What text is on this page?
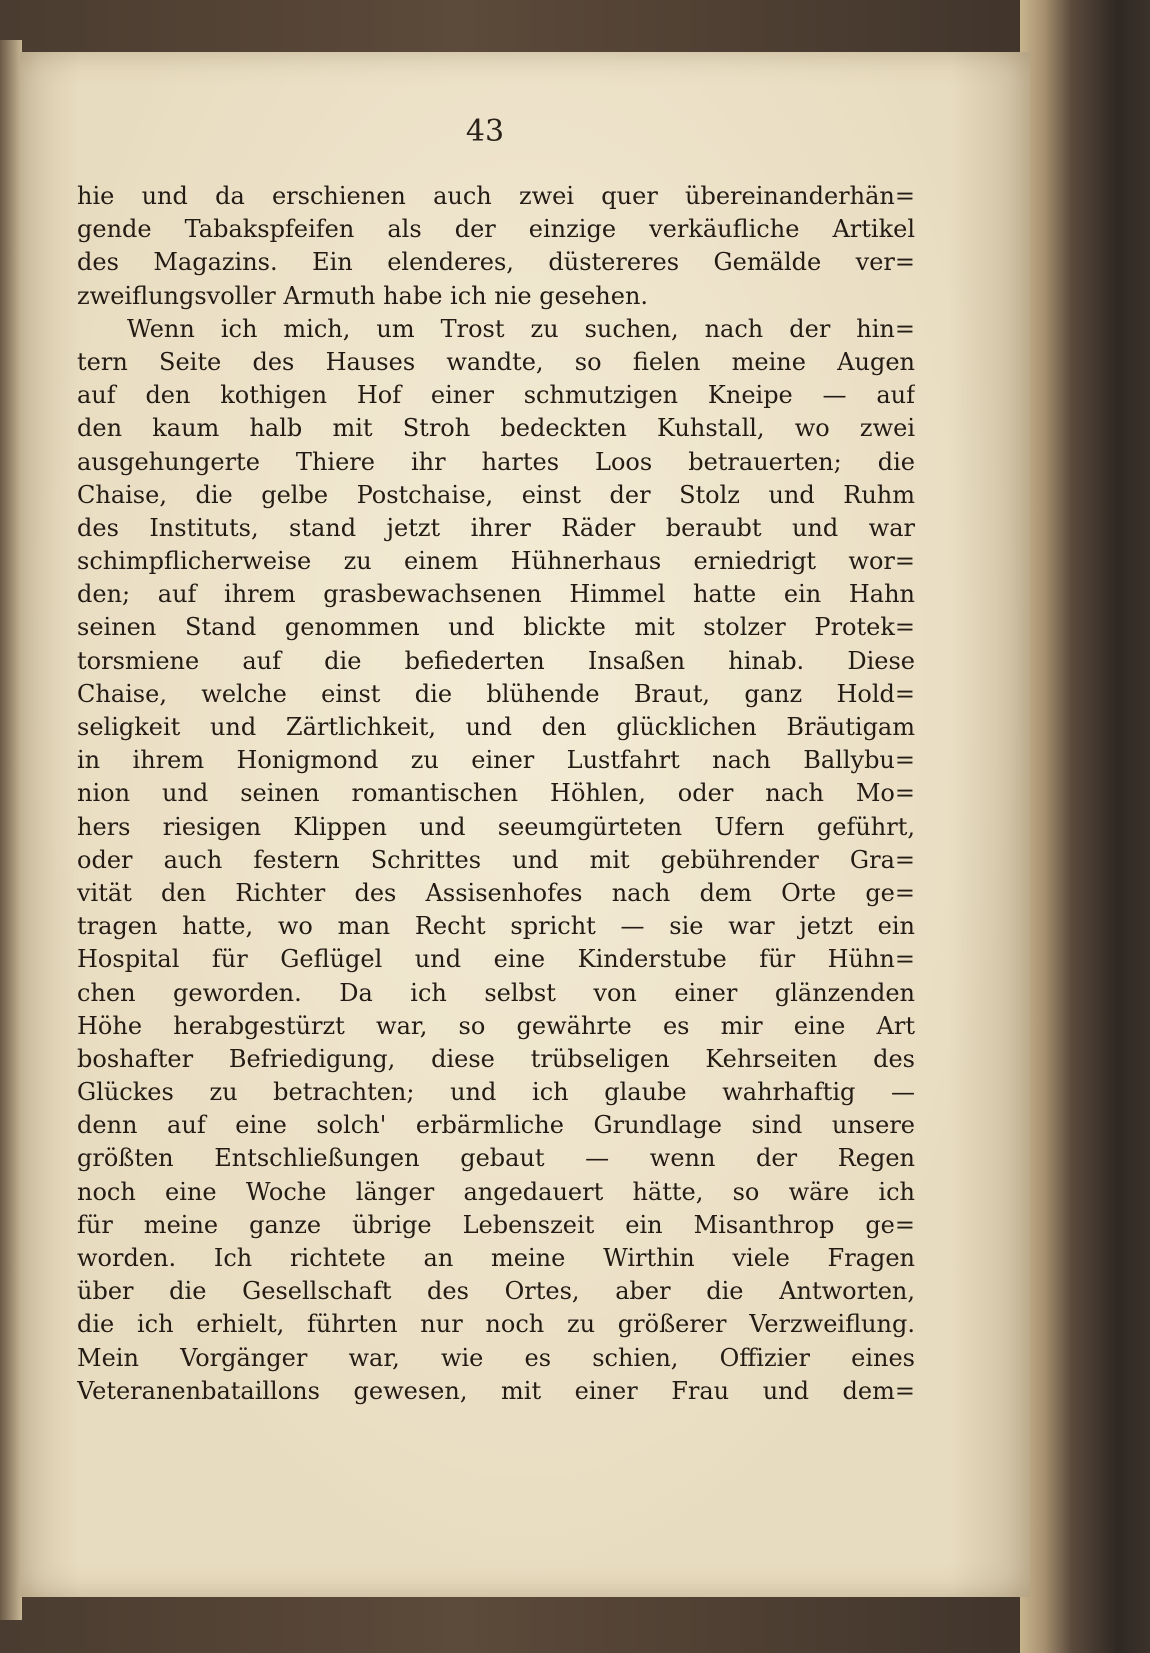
43
hie und da erschienen auch zwei quer übereinanderhän=
gende Tabakspfeifen als der einzige verkäufliche Artikel
des Magazins. Ein elenderes, düstereres Gemälde ver=
zweiflungsvoller Armuth habe ich nie gesehen.
Wenn ich mich, um Trost zu suchen, nach der hin=
tern Seite des Hauses wandte, so fielen meine Augen
auf den kothigen Hof einer schmutzigen Kneipe — auf
den kaum halb mit Stroh bedeckten Kuhstall, wo zwei
ausgehungerte Thiere ihr hartes Loos betrauerten; die
Chaise, die gelbe Postchaise, einst der Stolz und Ruhm
des Instituts, stand jetzt ihrer Räder beraubt und war
schimpflicherweise zu einem Hühnerhaus erniedrigt wor=
den; auf ihrem grasbewachsenen Himmel hatte ein Hahn
seinen Stand genommen und blickte mit stolzer Protek=
torsmiene auf die befiederten Insaßen hinab. Diese
Chaise, welche einst die blühende Braut, ganz Hold=
seligkeit und Zärtlichkeit, und den glücklichen Bräutigam
in ihrem Honigmond zu einer Lustfahrt nach Ballybu=
nion und seinen romantischen Höhlen, oder nach Mo=
hers riesigen Klippen und seeumgürteten Ufern geführt,
oder auch festern Schrittes und mit gebührender Gra=
vität den Richter des Assisenhofes nach dem Orte ge=
tragen hatte, wo man Recht spricht — sie war jetzt ein
Hospital für Geflügel und eine Kinderstube für Hühn=
chen geworden. Da ich selbst von einer glänzenden
Höhe herabgestürzt war, so gewährte es mir eine Art
boshafter Befriedigung, diese trübseligen Kehrseiten des
Glückes zu betrachten; und ich glaube wahrhaftig —
denn auf eine solch' erbärmliche Grundlage sind unsere
größten Entschließungen gebaut — wenn der Regen
noch eine Woche länger angedauert hätte, so wäre ich
für meine ganze übrige Lebenszeit ein Misanthrop ge=
worden. Ich richtete an meine Wirthin viele Fragen
über die Gesellschaft des Ortes, aber die Antworten,
die ich erhielt, führten nur noch zu größerer Verzweiflung.
Mein Vorgänger war, wie es schien, Offizier eines
Veteranenbataillons gewesen, mit einer Frau und dem=
